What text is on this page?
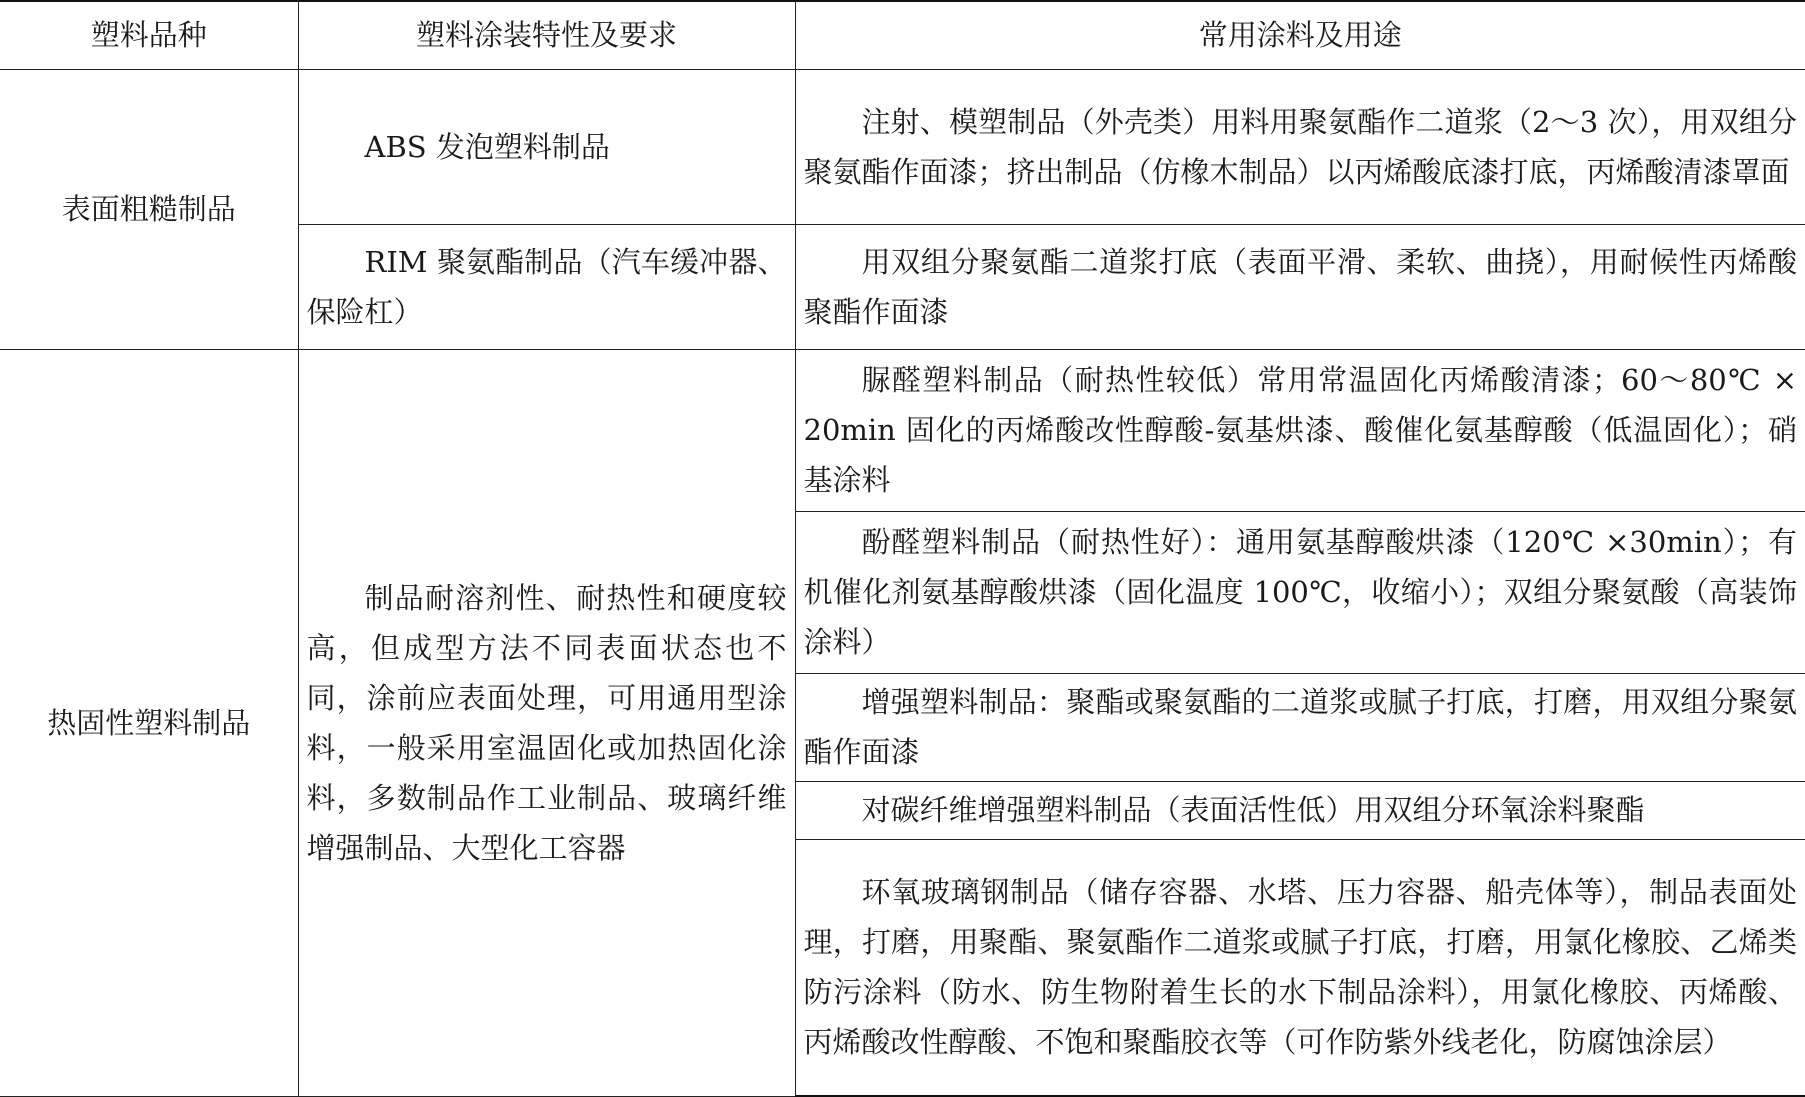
塑料品种	塑料涂装特性及要求	常用涂料及用途
表面粗糙制品	ABS 发泡塑料制品	注射、模塑制品（外壳类）用料用聚氨酯作二道浆（2～3 次），用双组分聚氨酯作面漆；挤出制品（仿橡木制品）以丙烯酸底漆打底，丙烯酸清漆罩面
	RIM 聚氨酯制品（汽车缓冲器、保险杠）	用双组分聚氨酯二道浆打底（表面平滑、柔软、曲挠），用耐候性丙烯酸聚酯作面漆
热固性塑料制品	制品耐溶剂性、耐热性和硬度较高，但成型方法不同表面状态也不同，涂前应表面处理，可用通用型涂料，一般采用室温固化或加热固化涂料，多数制品作工业制品、玻璃纤维增强制品、大型化工容器	脲醛塑料制品（耐热性较低）常用常温固化丙烯酸清漆；60～80℃ × 20min 固化的丙烯酸改性醇酸-氨基烘漆、酸催化氨基醇酸（低温固化）；硝基涂料
		酚醛塑料制品（耐热性好）：通用氨基醇酸烘漆（120℃ ×30min）；有机催化剂氨基醇酸烘漆（固化温度 100℃，收缩小）；双组分聚氨酸（高装饰涂料）
		增强塑料制品：聚酯或聚氨酯的二道浆或腻子打底，打磨，用双组分聚氨酯作面漆
		对碳纤维增强塑料制品（表面活性低）用双组分环氧涂料聚酯
		环氧玻璃钢制品（储存容器、水塔、压力容器、船壳体等），制品表面处理，打磨，用聚酯、聚氨酯作二道浆或腻子打底，打磨，用氯化橡胶、乙烯类防污涂料（防水、防生物附着生长的水下制品涂料），用氯化橡胶、丙烯酸、丙烯酸改性醇酸、不饱和聚酯胶衣等（可作防紫外线老化，防腐蚀涂层）
